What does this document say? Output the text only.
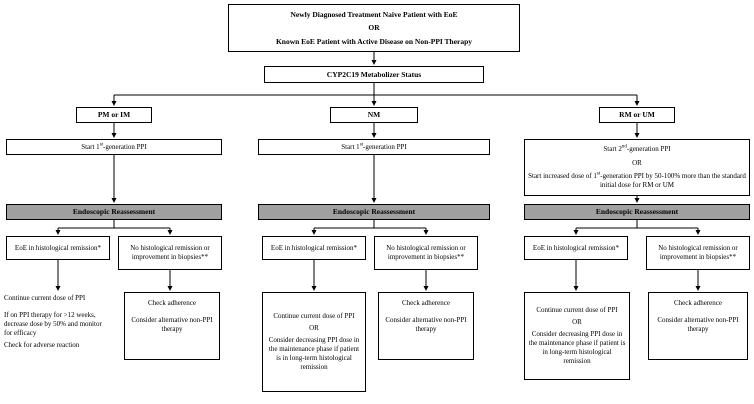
Newly Diagnosed Treatment Naive Patient with EoE
OR
Known EoE Patient with Active Disease on Non-PPI Therapy
CYP2C19 Metabolizer Status
PM or IM	NM	RM or UM
Start 1st-generation PPI	Start 1st-generation PPI	Start 2nd-generation PPI
OR
Start increased dose of 1st-generation PPI by 50-100% more than the standard initial dose for RM or UM
Endoscopic Reassessment	Endoscopic Reassessment	Endoscopic Reassessment
EoE in histological remission*	No histological remission or improvement in biopsies**
EoE in histological remission*	No histological remission or improvement in biopsies**
EoE in histological remission*	No histological remission or improvement in biopsies**
Continue current dose of PPI
If on PPI therapy for >12 weeks, decrease dose by 50% and monitor for efficacy
Check for adverse reaction
Check adherence
Consider alternative non-PPI therapy
Continue current dose of PPI
OR
Consider decreasing PPI dose in the maintenance phase if patient is in long-term histological remission
Check adherence
Consider alternative non-PPI therapy
Continue current dose of PPI
OR
Consider decreasing PPI dose in the maintenance phase if patient is in long-term histological remission
Check adherence
Consider alternative non-PPI therapy
